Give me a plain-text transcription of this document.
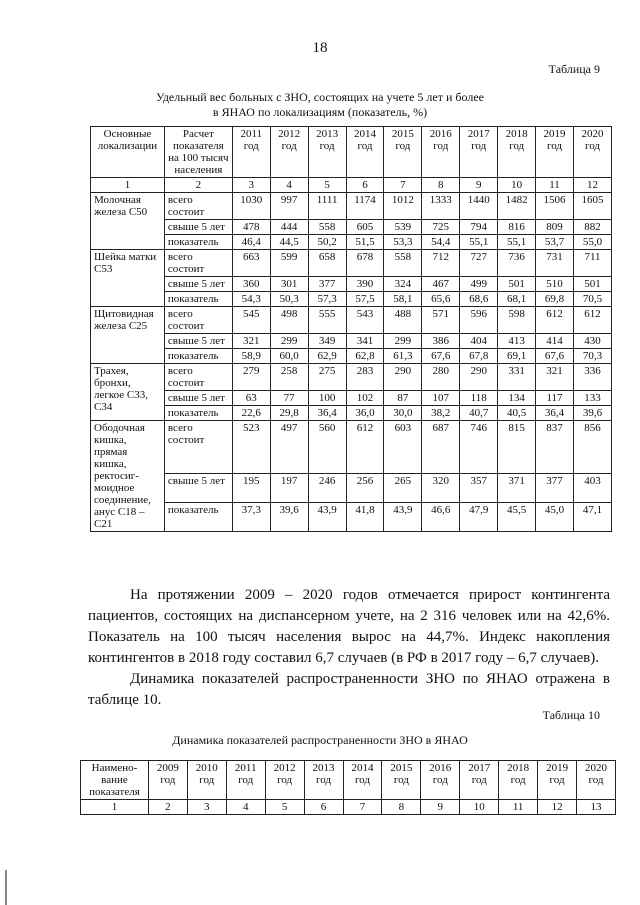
18
Таблица 9
Удельный вес больных с ЗНО, состоящих на учете 5 лет и более
в ЯНАО по локализациям (показатель, %)
Основные локализации	Расчет показателя на 100 тысяч населения	2011 год	2012 год	2013 год	2014 год	2015 год	2016 год	2017 год	2018 год	2019 год	2020 год
1	2	3	4	5	6	7	8	9	10	11	12
Молочная железа С50	всего состоит	1030	997	1111	1174	1012	1333	1440	1482	1506	1605
	свыше 5 лет	478	444	558	605	539	725	794	816	809	882
	показатель	46,4	44,5	50,2	51,5	53,3	54,4	55,1	55,1	53,7	55,0
Шейка матки С53	всего состоит	663	599	658	678	558	712	727	736	731	711
	свыше 5 лет	360	301	377	390	324	467	499	501	510	501
	показатель	54,3	50,3	57,3	57,5	58,1	65,6	68,6	68,1	69,8	70,5
Щитовидная железа С25	всего состоит	545	498	555	543	488	571	596	598	612	612
	свыше 5 лет	321	299	349	341	299	386	404	413	414	430
	показатель	58,9	60,0	62,9	62,8	61,3	67,6	67,8	69,1	67,6	70,3
Трахея, бронхи, легкое С33, С34	всего состоит	279	258	275	283	290	280	290	331	321	336
	свыше 5 лет	63	77	100	102	87	107	118	134	117	133
	показатель	22,6	29,8	36,4	36,0	30,0	38,2	40,7	40,5	36,4	39,6
Ободочная кишка, прямая кишка, ректосиг-моидное соединение, анус С18 –С21	всего состоит	523	497	560	612	603	687	746	815	837	856
	свыше 5 лет	195	197	246	256	265	320	357	371	377	403
	показатель	37,3	39,6	43,9	41,8	43,9	46,6	47,9	45,5	45,0	47,1

На протяжении 2009 – 2020 годов отмечается прирост контингента пациентов, состоящих на диспансерном учете, на 2 316 человек или на 42,6%. Показатель на 100 тысяч населения вырос на 44,7%. Индекс накопления контингентов в 2018 году составил 6,7 случаев (в РФ в 2017 году – 6,7 случаев).

Динамика показателей распространенности ЗНО по ЯНАО отражена в таблице 10.

Таблица 10
Динамика показателей распространенности ЗНО в ЯНАО
Наимено-вание показателя	2009 год	2010 год	2011 год	2012 год	2013 год	2014 год	2015 год	2016 год	2017 год	2018 год	2019 год	2020 год
1	2	3	4	5	6	7	8	9	10	11	12	13
